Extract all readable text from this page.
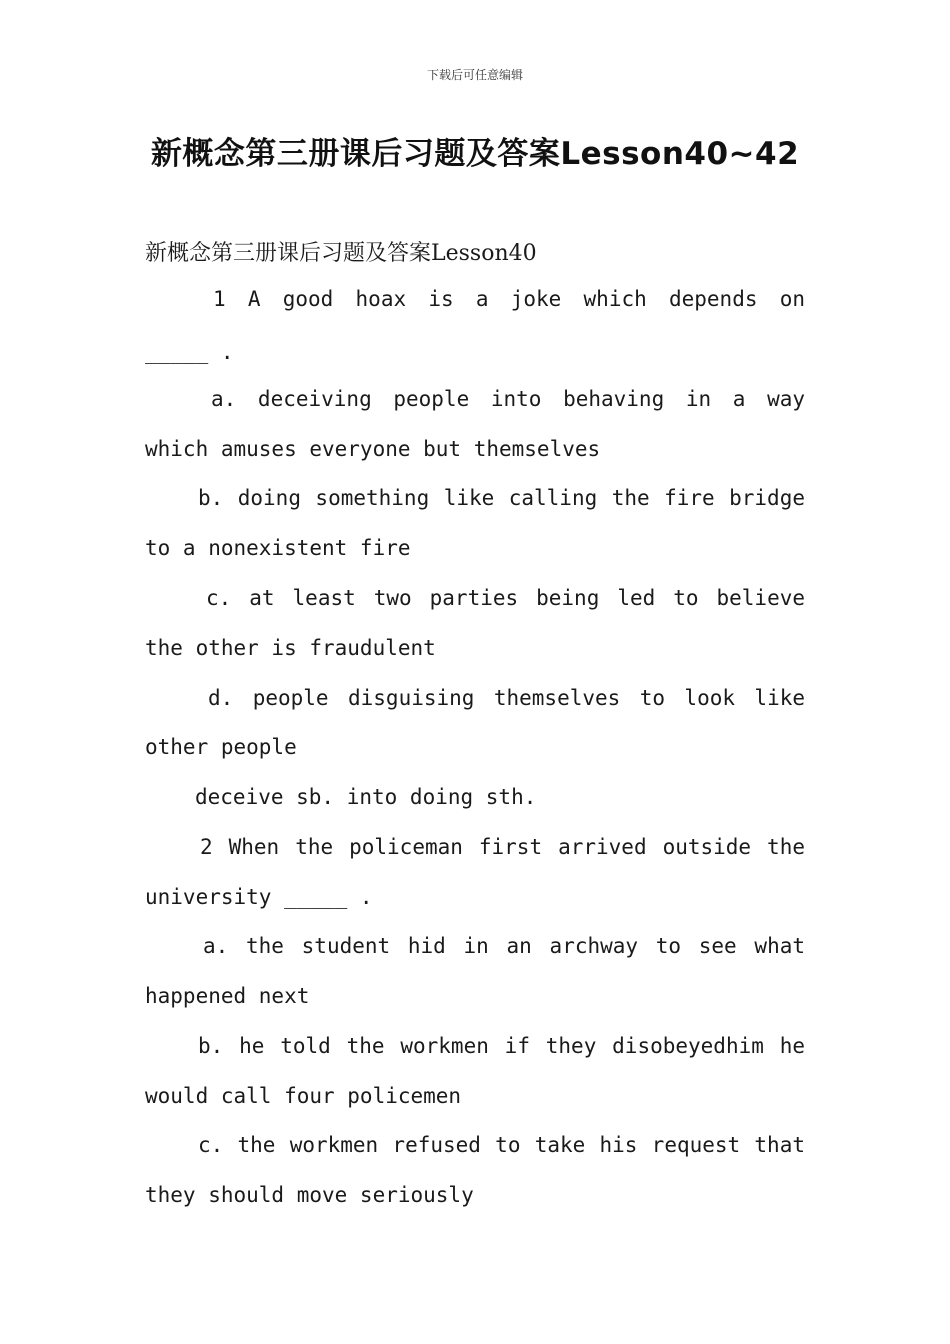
下载后可任意编辑
新概念第三册课后习题及答案Lesson40~42
新概念第三册课后习题及答案Lesson40
1 A good hoax is a joke which depends on
_____ .
a. deceiving people into behaving in a way
which amuses everyone but themselves
b. doing something like calling the fire bridge
to a nonexistent fire
c. at least two parties being led to believe
the other is fraudulent
d. people disguising themselves to look like
other people
deceive sb. into doing sth.
2 When the policeman first arrived outside the
university _____ .
a. the student hid in an archway to see what
happened next
b. he told the workmen if they disobeyedhim he
would call four policemen
c. the workmen refused to take his request that
they should move seriously
